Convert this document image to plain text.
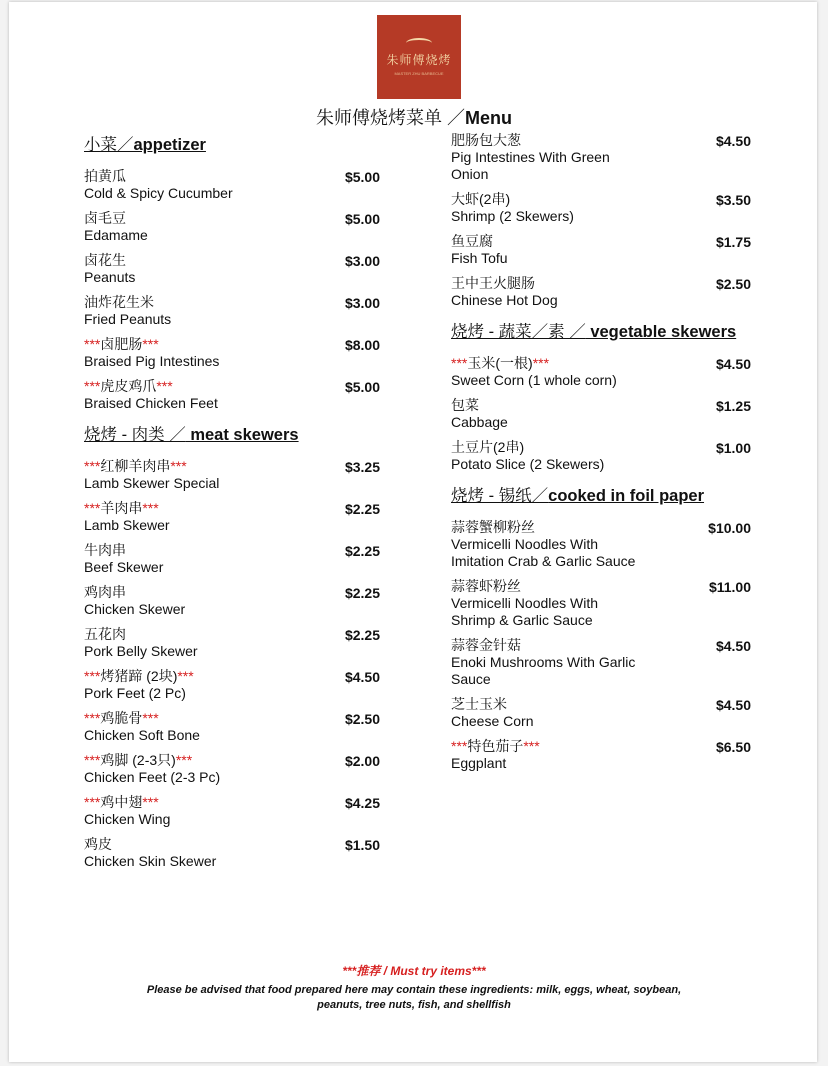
朱师傅烧烤
MASTER ZHU BARBECUE
朱师傅烧烤菜单 ／Menu
小菜／appetizer
拍黄瓜
Cold & Spicy Cucumber
$5.00
卤毛豆
Edamame
$5.00
卤花生
Peanuts
$3.00
油炸花生米
Fried Peanuts
$3.00
***卤肥肠***
Braised Pig Intestines
$8.00
***虎皮鸡爪***
Braised Chicken Feet
$5.00
烧烤 - 肉类 ／ meat skewers
***红柳羊肉串***
Lamb Skewer Special
$3.25
***羊肉串***
Lamb Skewer
$2.25
牛肉串
Beef Skewer
$2.25
鸡肉串
Chicken Skewer
$2.25
五花肉
Pork Belly Skewer
$2.25
***烤猪蹄 (2块)***
Pork Feet (2 Pc)
$4.50
***鸡脆骨***
Chicken Soft Bone
$2.50
***鸡脚 (2-3只)***
Chicken Feet (2-3 Pc)
$2.00
***鸡中翅***
Chicken Wing
$4.25
鸡皮
Chicken Skin Skewer
$1.50
肥肠包大葱
Pig Intestines With Green Onion
$4.50
大虾(2串)
Shrimp (2 Skewers)
$3.50
鱼豆腐
Fish Tofu
$1.75
王中王火腿肠
Chinese Hot Dog
$2.50
烧烤 - 蔬菜／素 ／ vegetable skewers
***玉米(一根)***
Sweet Corn (1 whole corn)
$4.50
包菜
Cabbage
$1.25
土豆片(2串)
Potato Slice (2 Skewers)
$1.00
烧烤 - 锡纸／cooked in foil paper
蒜蓉蟹柳粉丝
Vermicelli Noodles With Imitation Crab & Garlic Sauce
$10.00
蒜蓉虾粉丝
Vermicelli Noodles With Shrimp & Garlic Sauce
$11.00
蒜蓉金针菇
Enoki Mushrooms With Garlic Sauce
$4.50
芝士玉米
Cheese Corn
$4.50
***特色茄子***
Eggplant
$6.50
***推荐 / Must try items***
Please be advised that food prepared here may contain these ingredients: milk, eggs, wheat, soybean, peanuts, tree nuts, fish, and shellfish
